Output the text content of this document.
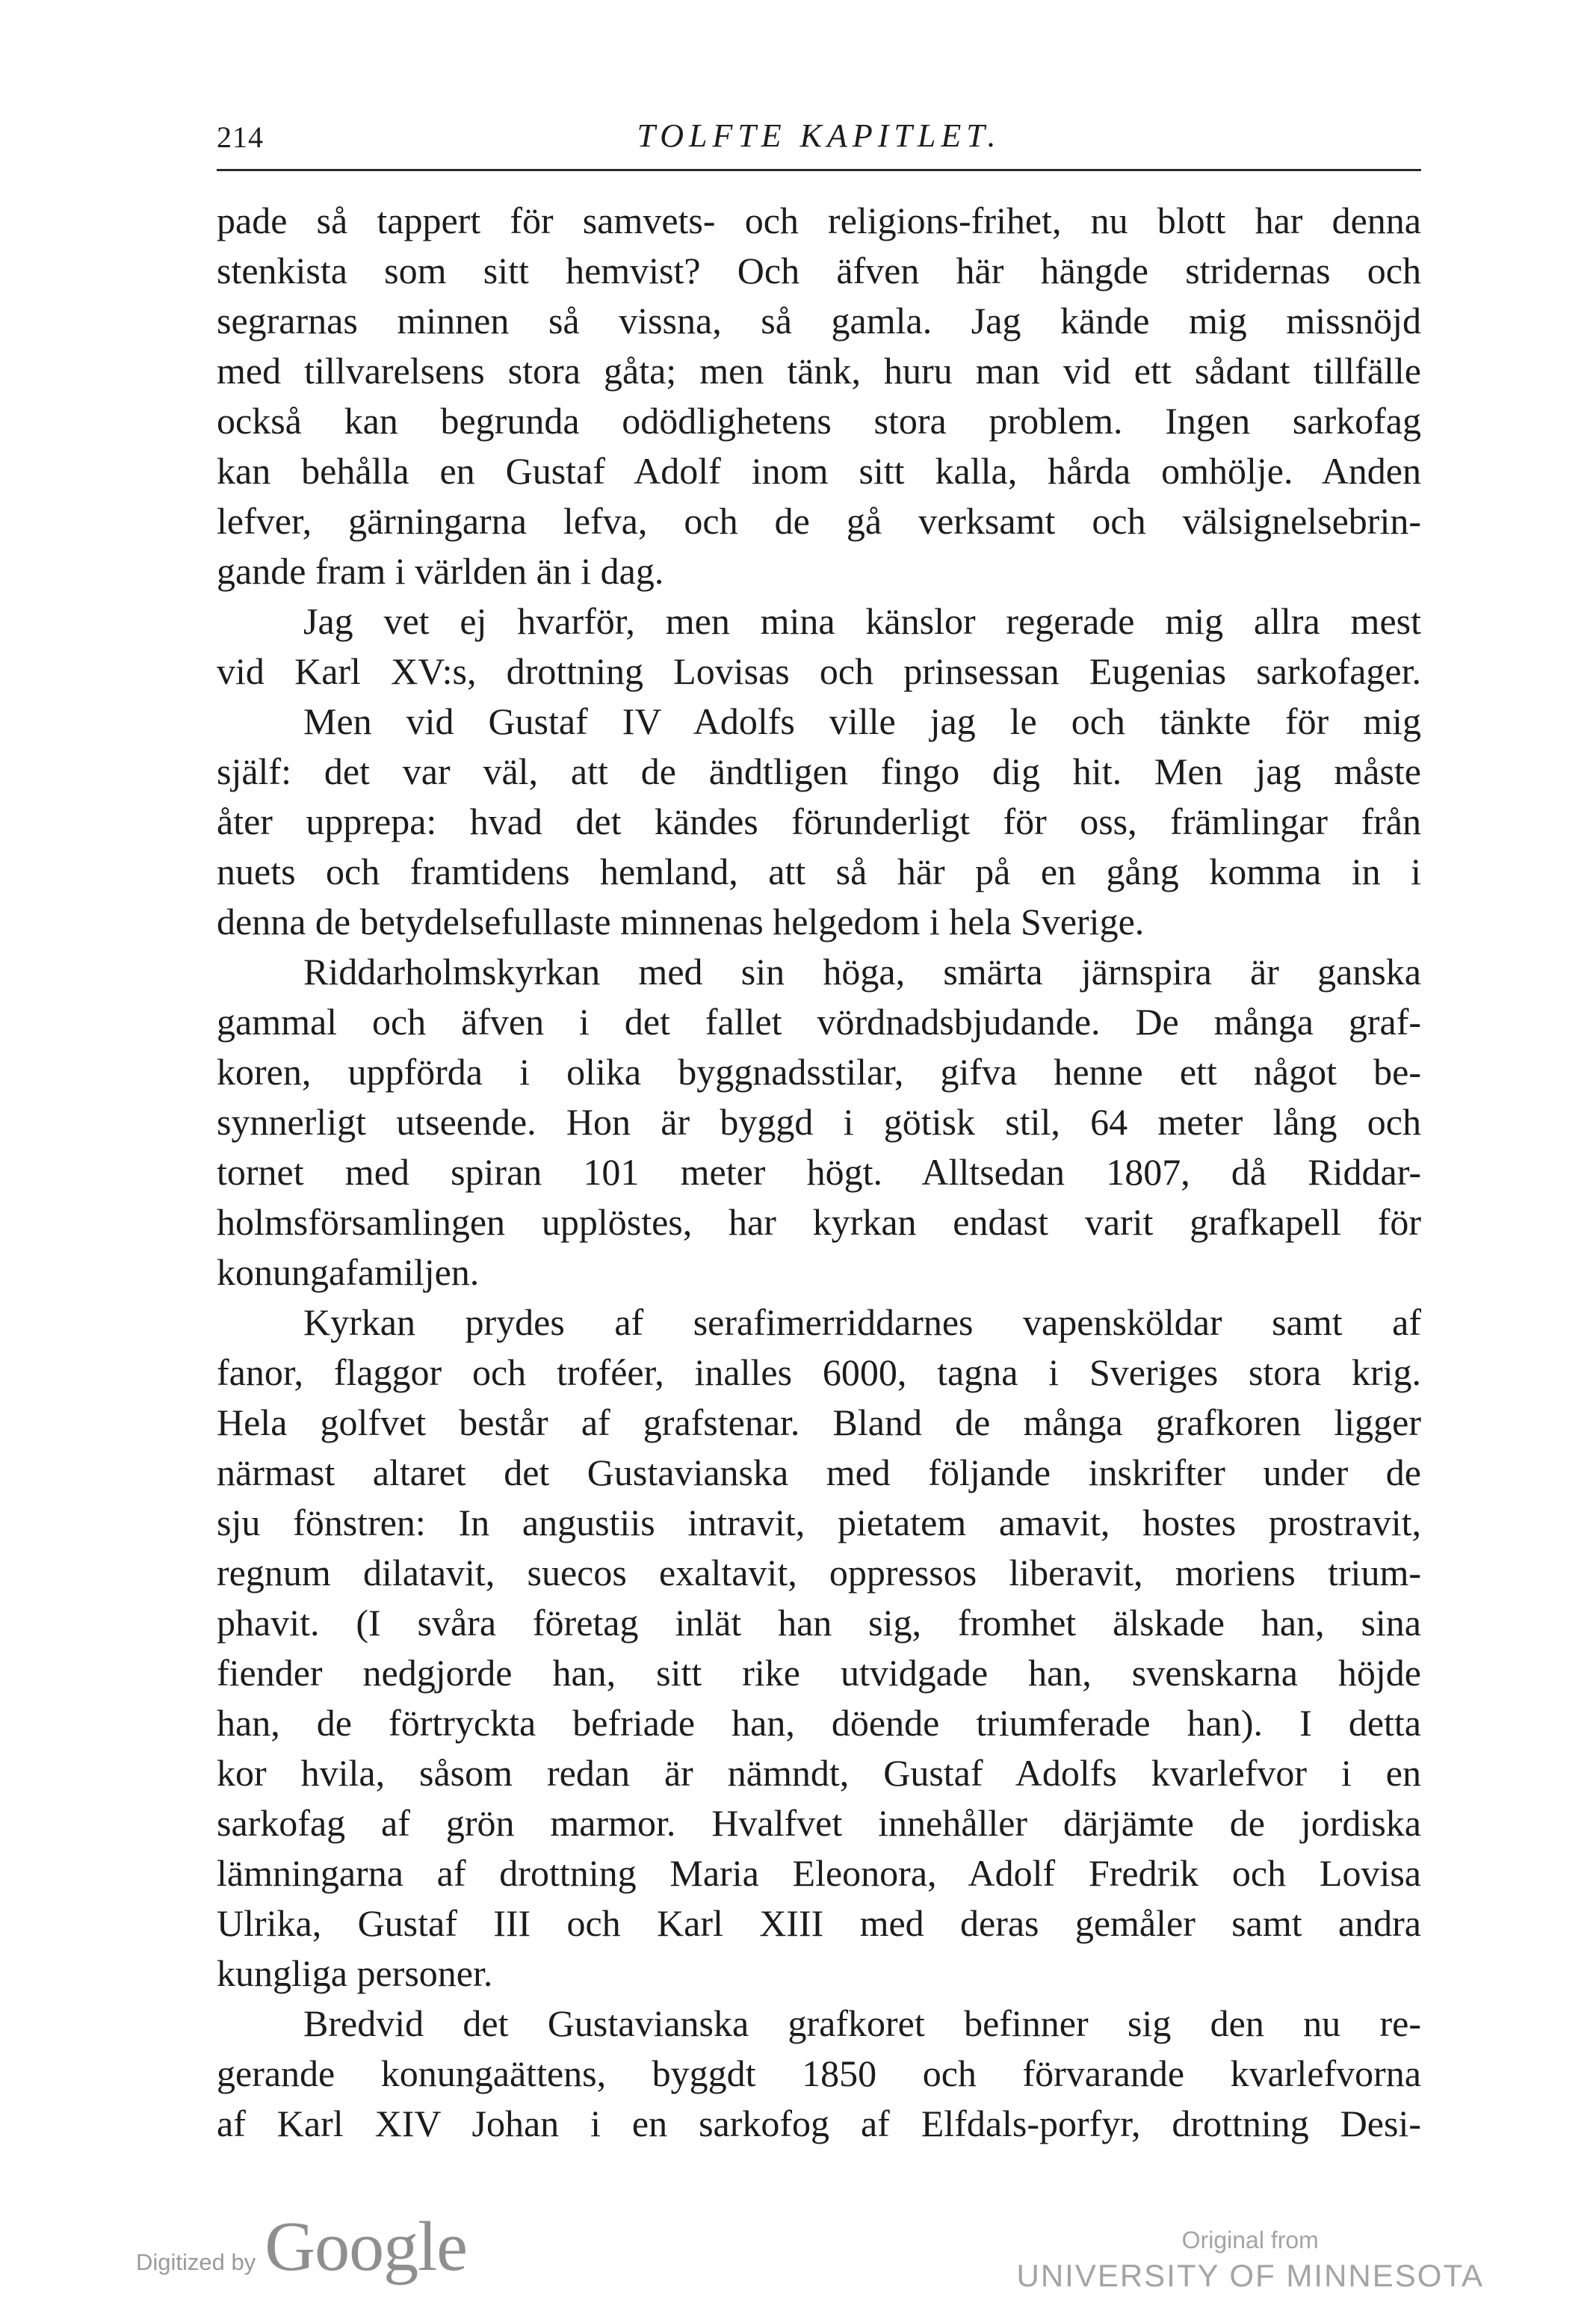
214	TOLFTE KAPITLET.
pade så tappert för samvets- och religions-frihet, nu blott har denna
stenkista som sitt hemvist? Och äfven här hängde stridernas och
segrarnas minnen så vissna, så gamla. Jag kände mig missnöjd
med tillvarelsens stora gåta; men tänk, huru man vid ett sådant tillfälle
också kan begrunda odödlighetens stora problem. Ingen sarkofag
kan behålla en Gustaf Adolf inom sitt kalla, hårda omhölje. Anden
lefver, gärningarna lefva, och de gå verksamt och välsignelsebrin-
gande fram i världen än i dag.
Jag vet ej hvarför, men mina känslor regerade mig allra mest
vid Karl XV:s, drottning Lovisas och prinsessan Eugenias sarkofager.
Men vid Gustaf IV Adolfs ville jag le och tänkte för mig
själf: det var väl, att de ändtligen fingo dig hit. Men jag måste
åter upprepa: hvad det kändes förunderligt för oss, främlingar från
nuets och framtidens hemland, att så här på en gång komma in i
denna de betydelsefullaste minnenas helgedom i hela Sverige.
Riddarholmskyrkan med sin höga, smärta järnspira är ganska
gammal och äfven i det fallet vördnadsbjudande. De många graf-
koren, uppförda i olika byggnadsstilar, gifva henne ett något be-
synnerligt utseende. Hon är byggd i götisk stil, 64 meter lång och
tornet med spiran 101 meter högt. Alltsedan 1807, då Riddar-
holmsförsamlingen upplöstes, har kyrkan endast varit grafkapell för
konungafamiljen.
Kyrkan prydes af serafimerriddarnes vapensköldar samt af
fanor, flaggor och troféer, inalles 6000, tagna i Sveriges stora krig.
Hela golfvet består af grafstenar. Bland de många grafkoren ligger
närmast altaret det Gustavianska med följande inskrifter under de
sju fönstren: In angustiis intravit, pietatem amavit, hostes prostravit,
regnum dilatavit, suecos exaltavit, oppressos liberavit, moriens trium-
phavit. (I svåra företag inlät han sig, fromhet älskade han, sina
fiender nedgjorde han, sitt rike utvidgade han, svenskarna höjde
han, de förtryckta befriade han, döende triumferade han). I detta
kor hvila, såsom redan är nämndt, Gustaf Adolfs kvarlefvor i en
sarkofag af grön marmor. Hvalfvet innehåller därjämte de jordiska
lämningarna af drottning Maria Eleonora, Adolf Fredrik och Lovisa
Ulrika, Gustaf III och Karl XIII med deras gemåler samt andra
kungliga personer.
Bredvid det Gustavianska grafkoret befinner sig den nu re-
gerande konungaättens, byggdt 1850 och förvarande kvarlefvorna
af Karl XIV Johan i en sarkofog af Elfdals-porfyr, drottning Desi-
Digitized by Google	Original from
UNIVERSITY OF MINNESOTA
